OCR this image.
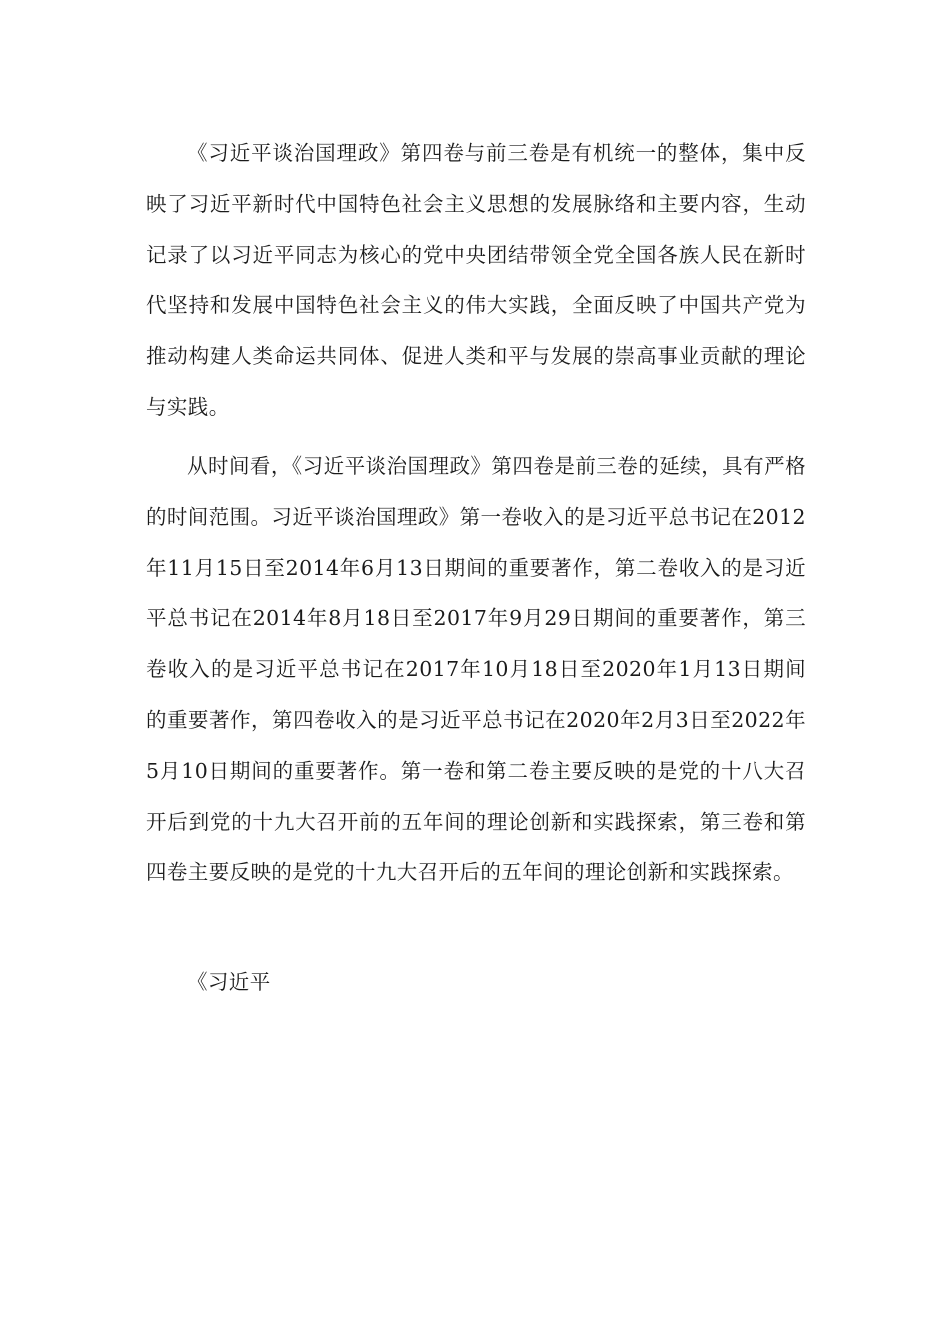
《习近平谈治国理政》第四卷与前三卷是有机统一的整体，集中反映了习近平新时代中国特色社会主义思想的发展脉络和主要内容，生动记录了以习近平同志为核心的党中央团结带领全党全国各族人民在新时代坚持和发展中国特色社会主义的伟大实践，全面反映了中国共产党为推动构建人类命运共同体、促进人类和平与发展的崇高事业贡献的理论与实践。

从时间看，《习近平谈治国理政》第四卷是前三卷的延续，具有严格的时间范围。习近平谈治国理政》第一卷收入的是习近平总书记在2012年11月15日至2014年6月13日期间的重要著作，第二卷收入的是习近平总书记在2014年8月18日至2017年9月29日期间的重要著作，第三卷收入的是习近平总书记在2017年10月18日至2020年1月13日期间的重要著作，第四卷收入的是习近平总书记在2020年2月3日至2022年5月10日期间的重要著作。第一卷和第二卷主要反映的是党的十八大召开后到党的十九大召开前的五年间的理论创新和实践探索，第三卷和第四卷主要反映的是党的十九大召开后的五年间的理论创新和实践探索。

《习近平
